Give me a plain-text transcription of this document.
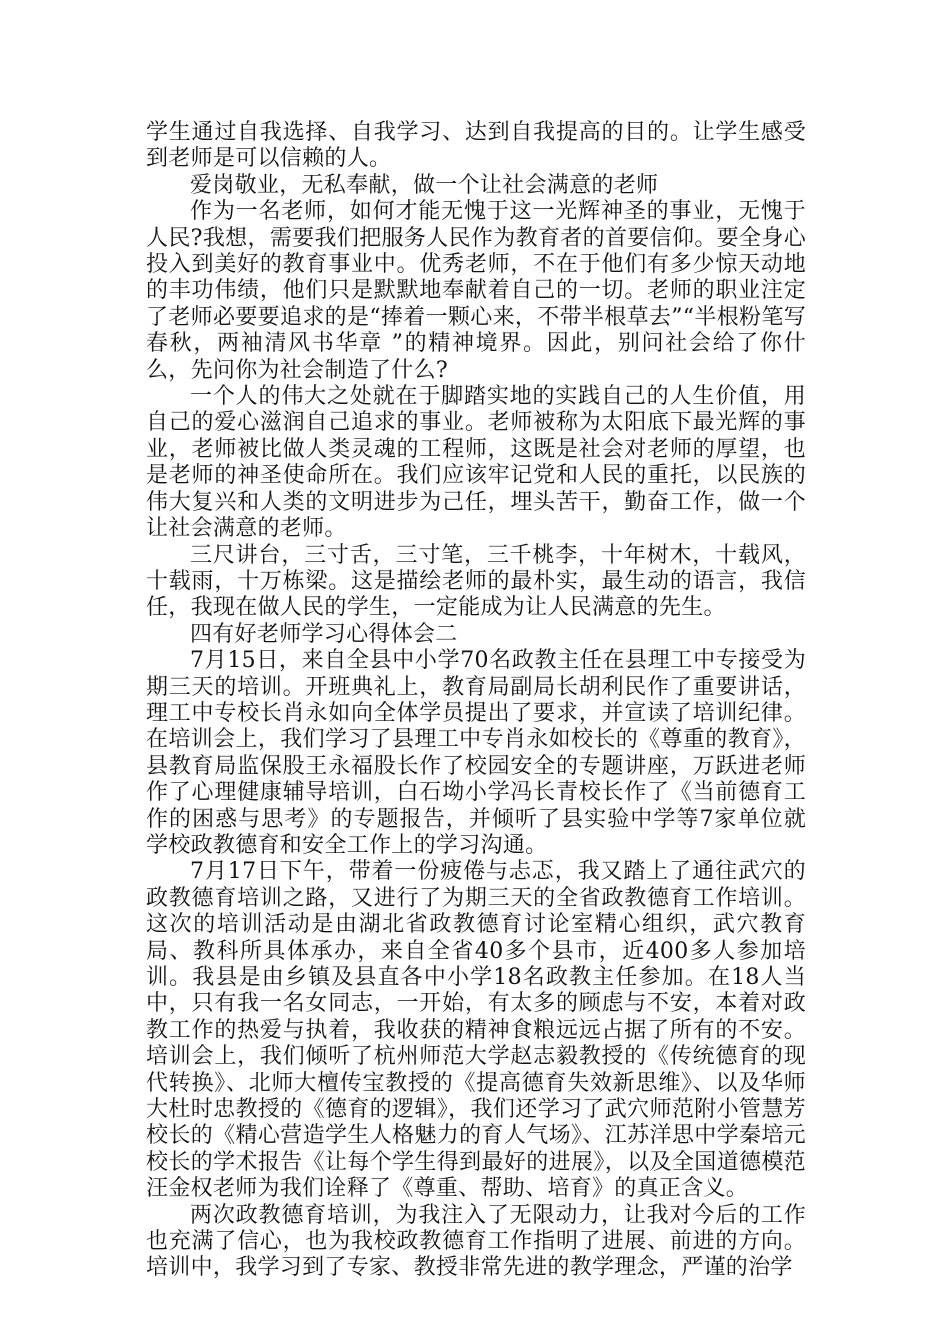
学生通过自我选择、自我学习、达到自我提高的目的。让学生感受到老师是可以信赖的人。

爱岗敬业，无私奉献，做一个让社会满意的老师

作为一名老师，如何才能无愧于这一光辉神圣的事业，无愧于人民?我想，需要我们把服务人民作为教育者的首要信仰。要全身心投入到美好的教育事业中。优秀老师，不在于他们有多少惊天动地的丰功伟绩，他们只是默默地奉献着自己的一切。老师的职业注定了老师必要要追求的是“捧着一颗心来，不带半根草去”“半根粉笔写春秋，两袖清风书华章 ”的精神境界。因此，别问社会给了你什么，先问你为社会制造了什么?

一个人的伟大之处就在于脚踏实地的实践自己的人生价值，用自己的爱心滋润自己追求的事业。老师被称为太阳底下最光辉的事业，老师被比做人类灵魂的工程师，这既是社会对老师的厚望，也是老师的神圣使命所在。我们应该牢记党和人民的重托，以民族的伟大复兴和人类的文明进步为己任，埋头苦干，勤奋工作，做一个让社会满意的老师。

三尺讲台，三寸舌，三寸笔，三千桃李，十年树木，十载风，十载雨，十万栋梁。这是描绘老师的最朴实，最生动的语言，我信任，我现在做人民的学生，一定能成为让人民满意的先生。

四有好老师学习心得体会二

7月15日，来自全县中小学70名政教主任在县理工中专接受为期三天的培训。开班典礼上，教育局副局长胡利民作了重要讲话，理工中专校长肖永如向全体学员提出了要求，并宣读了培训纪律。在培训会上，我们学习了县理工中专肖永如校长的《尊重的教育》，县教育局监保股王永福股长作了校园安全的专题讲座，万跃进老师作了心理健康辅导培训，白石坳小学冯长青校长作了《当前德育工作的困惑与思考》的专题报告，并倾听了县实验中学等7家单位就学校政教德育和安全工作上的学习沟通。

7月17日下午，带着一份疲倦与忐忑，我又踏上了通往武穴的政教德育培训之路，又进行了为期三天的全省政教德育工作培训。这次的培训活动是由湖北省政教德育讨论室精心组织，武穴教育局、教科所具体承办，来自全省40多个县市，近400多人参加培训。我县是由乡镇及县直各中小学18名政教主任参加。在18人当中，只有我一名女同志，一开始，有太多的顾虑与不安，本着对政教工作的热爱与执着，我收获的精神食粮远远占据了所有的不安。培训会上，我们倾听了杭州师范大学赵志毅教授的《传统德育的现代转换》、北师大檀传宝教授的《提高德育失效新思维》、以及华师大杜时忠教授的《德育的逻辑》，我们还学习了武穴师范附小管慧芳校长的《精心营造学生人格魅力的育人气场》、江苏洋思中学秦培元校长的学术报告《让每个学生得到最好的进展》，以及全国道德模范汪金权老师为我们诠释了《尊重、帮助、培育》的真正含义。

两次政教德育培训，为我注入了无限动力，让我对今后的工作也充满了信心，也为我校政教德育工作指明了进展、前进的方向。培训中，我学习到了专家、教授非常先进的教学理念，严谨的治学
